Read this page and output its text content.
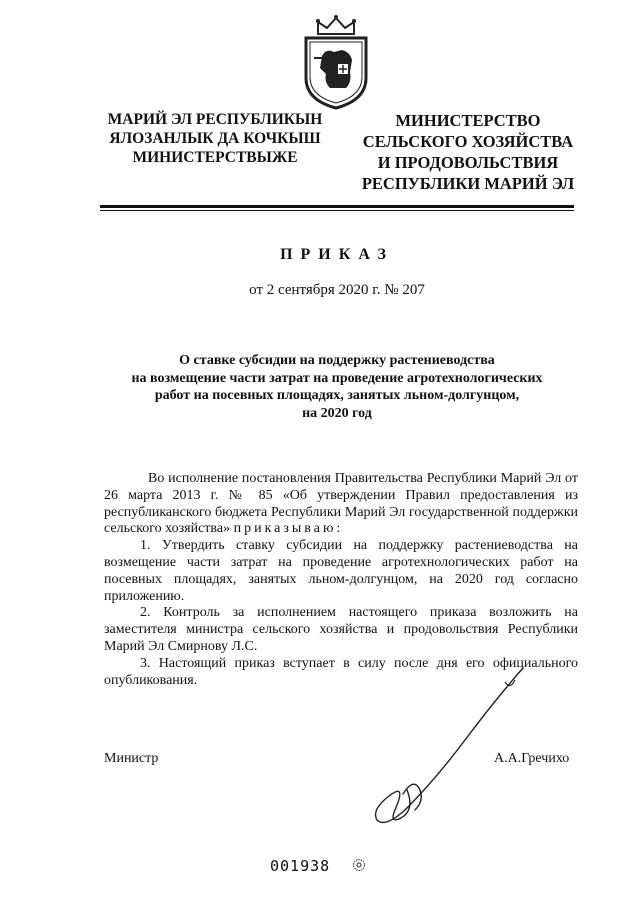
МАРИЙ ЭЛ РЕСПУБЛИКЫН
ЯЛОЗАНЛЫК ДА КОЧКЫШ
МИНИСТЕРСТВЫЖЕ
МИНИСТЕРСТВО
СЕЛЬСКОГО ХОЗЯЙСТВА
И ПРОДОВОЛЬСТВИЯ
РЕСПУБЛИКИ МАРИЙ ЭЛ
ПРИКАЗ
от 2 сентября 2020 г. № 207
О ставке субсидии на поддержку растениеводства
на возмещение части затрат на проведение агротехнологических
работ на посевных площадях, занятых льном-долгунцом,
на 2020 год

Во исполнение постановления Правительства Республики Марий Эл от 26 марта 2013 г. № 85 «Об утверждении Правил предоставления из республиканского бюджета Республики Марий Эл государственной поддержки сельского хозяйства» приказываю:

1. Утвердить ставку субсидии на поддержку растениеводства на возмещение части затрат на проведение агротехнологических работ на посевных площадях, занятых льном-долгунцом, на 2020 год согласно приложению.

2. Контроль за исполнением настоящего приказа возложить на заместителя министра сельского хозяйства и продовольствия Республики Марий Эл Смирнову Л.С.

3. Настоящий приказ вступает в силу после дня его официального опубликования.

Министр	А.А.Гречихо
001938
